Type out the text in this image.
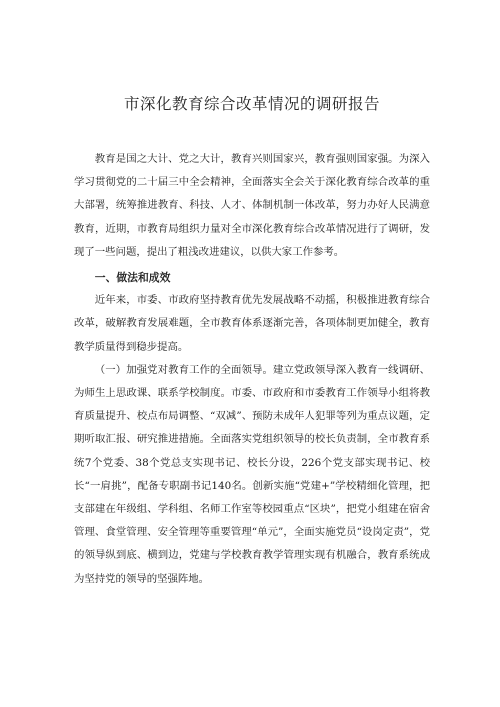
市深化教育综合改革情况的调研报告

教育是国之大计、党之大计，教育兴则国家兴，教育强则国家强。为深入学习贯彻党的二十届三中全会精神，全面落实全会关于深化教育综合改革的重大部署，统筹推进教育、科技、人才、体制机制一体改革，努力办好人民满意教育，近期，市教育局组织力量对全市深化教育综合改革情况进行了调研，发现了一些问题，提出了粗浅改进建议，以供大家工作参考。

一、做法和成效

近年来，市委、市政府坚持教育优先发展战略不动摇，积极推进教育综合改革，破解教育发展难题，全市教育体系逐渐完善，各项体制更加健全，教育教学质量得到稳步提高。

（一）加强党对教育工作的全面领导。建立党政领导深入教育一线调研、为师生上思政课、联系学校制度。市委、市政府和市委教育工作领导小组将教育质量提升、校点布局调整、“双减”、预防未成年人犯罪等列为重点议题，定期听取汇报、研究推进措施。全面落实党组织领导的校长负责制，全市教育系统7个党委、38个党总支实现书记、校长分设，226个党支部实现书记、校长“一肩挑”，配备专职副书记140名。创新实施“党建+”学校精细化管理，把支部建在年级组、学科组、名师工作室等校园重点“区块”，把党小组建在宿舍管理、食堂管理、安全管理等重要管理“单元”，全面实施党员“设岗定责”，党的领导纵到底、横到边，党建与学校教育教学管理实现有机融合，教育系统成为坚持党的领导的坚强阵地。
